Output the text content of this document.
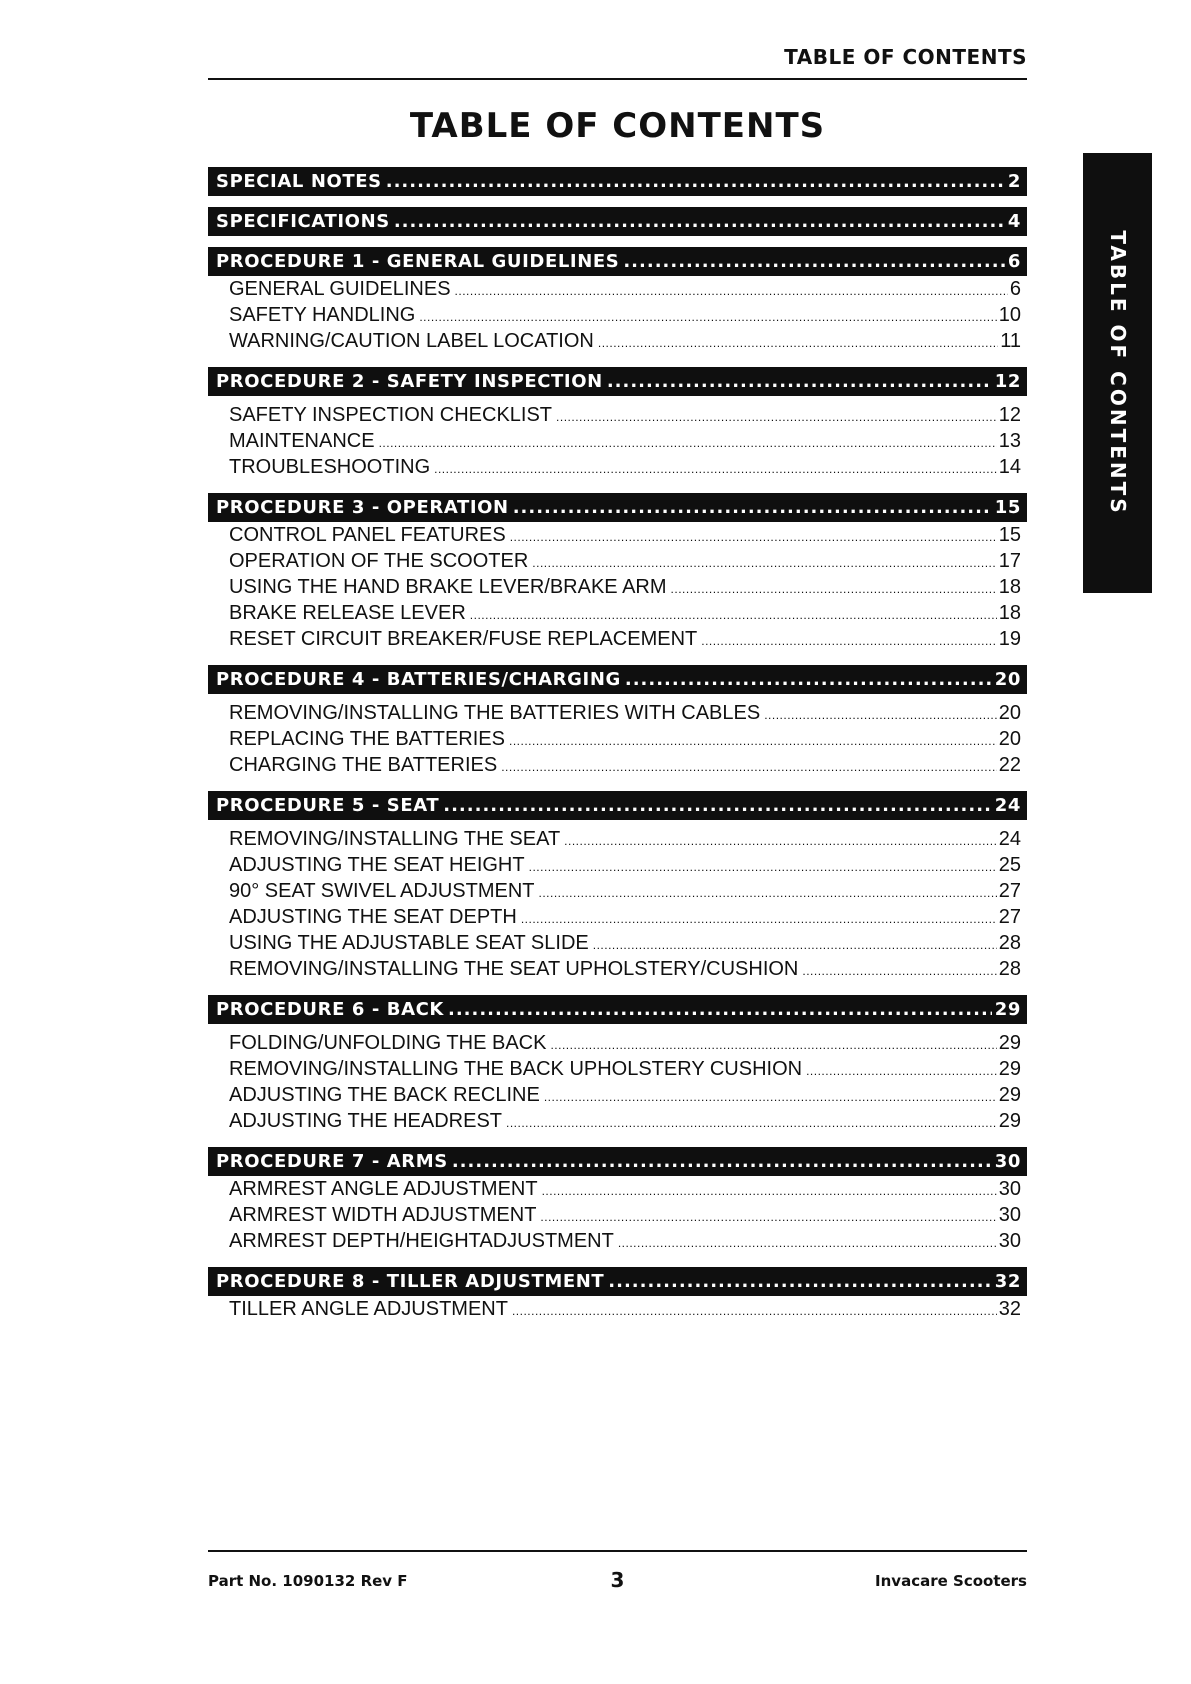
TABLE OF CONTENTS
TABLE OF CONTENTS
TABLE OF CONTENTS
SPECIAL NOTES .....	2
SPECIFICATIONS .....	4
PROCEDURE 1 - GENERAL GUIDELINES .....	6
GENERAL GUIDELINES .....	6
SAFETY HANDLING .....	10
WARNING/CAUTION LABEL LOCATION .....	11
PROCEDURE 2 - SAFETY INSPECTION .....	12
SAFETY INSPECTION CHECKLIST .....	12
MAINTENANCE .....	13
TROUBLESHOOTING .....	14
PROCEDURE 3 - OPERATION .....	15
CONTROL PANEL FEATURES .....	15
OPERATION OF THE SCOOTER .....	17
USING THE HAND BRAKE LEVER/BRAKE ARM .....	18
BRAKE RELEASE LEVER .....	18
RESET CIRCUIT BREAKER/FUSE REPLACEMENT .....	19
PROCEDURE 4 - BATTERIES/CHARGING .....	20
REMOVING/INSTALLING THE BATTERIES WITH CABLES .....	20
REPLACING THE BATTERIES .....	20
CHARGING THE BATTERIES .....	22
PROCEDURE 5 - SEAT .....	24
REMOVING/INSTALLING THE SEAT .....	24
ADJUSTING THE SEAT HEIGHT .....	25
90° SEAT SWIVEL ADJUSTMENT .....	27
ADJUSTING THE SEAT DEPTH .....	27
USING THE ADJUSTABLE SEAT SLIDE .....	28
REMOVING/INSTALLING THE SEAT UPHOLSTERY/CUSHION .....	28
PROCEDURE 6 - BACK .....	29
FOLDING/UNFOLDING THE BACK .....	29
REMOVING/INSTALLING THE BACK UPHOLSTERY CUSHION .....	29
ADJUSTING THE BACK RECLINE .....	29
ADJUSTING THE HEADREST .....	29
PROCEDURE 7 - ARMS .....	30
ARMREST ANGLE ADJUSTMENT .....	30
ARMREST WIDTH ADJUSTMENT .....	30
ARMREST DEPTH/HEIGHTADJUSTMENT .....	30
PROCEDURE 8 - TILLER ADJUSTMENT .....	32
TILLER ANGLE ADJUSTMENT .....	32
Part No. 1090132 Rev F	3	Invacare Scooters
